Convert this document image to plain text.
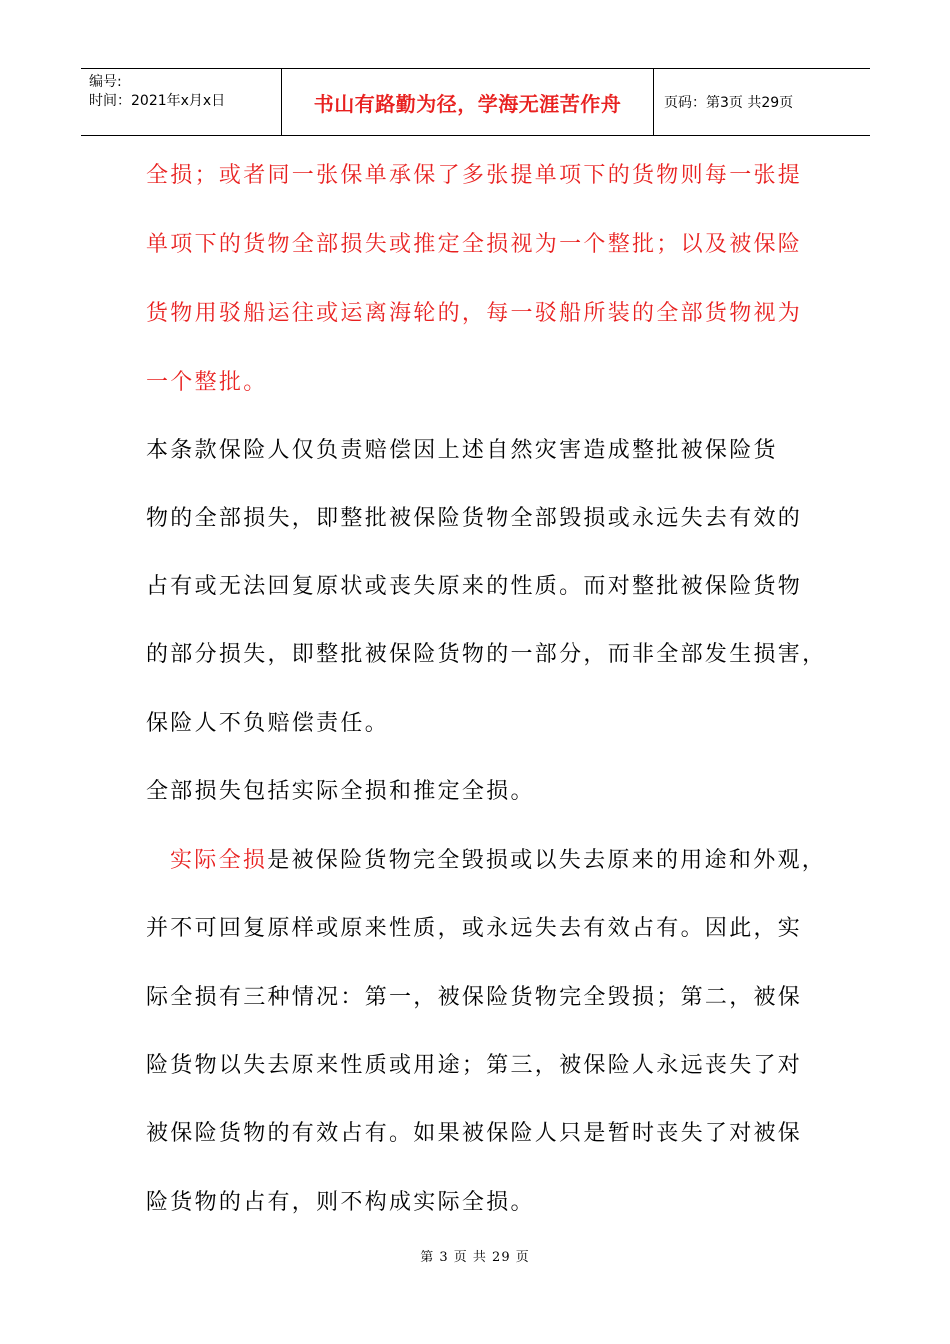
编号:
时间：2021年x月x日	书山有路勤为径，学海无涯苦作舟	页码：第3页 共29页
全损；或者同一张保单承保了多张提单项下的货物则每一张提
单项下的货物全部损失或推定全损视为一个整批；以及被保险
货物用驳船运往或运离海轮的，每一驳船所装的全部货物视为
一个整批。
本条款保险人仅负责赔偿因上述自然灾害造成整批被保险货
物的全部损失，即整批被保险货物全部毁损或永远失去有效的
占有或无法回复原状或丧失原来的性质。而对整批被保险货物
的部分损失，即整批被保险货物的一部分，而非全部发生损害，
保险人不负赔偿责任。
全部损失包括实际全损和推定全损。
实际全损是被保险货物完全毁损或以失去原来的用途和外观，
并不可回复原样或原来性质，或永远失去有效占有。因此，实
际全损有三种情况：第一，被保险货物完全毁损；第二，被保
险货物以失去原来性质或用途；第三，被保险人永远丧失了对
被保险货物的有效占有。如果被保险人只是暂时丧失了对被保
险货物的占有，则不构成实际全损。
第 3 页 共 29 页
